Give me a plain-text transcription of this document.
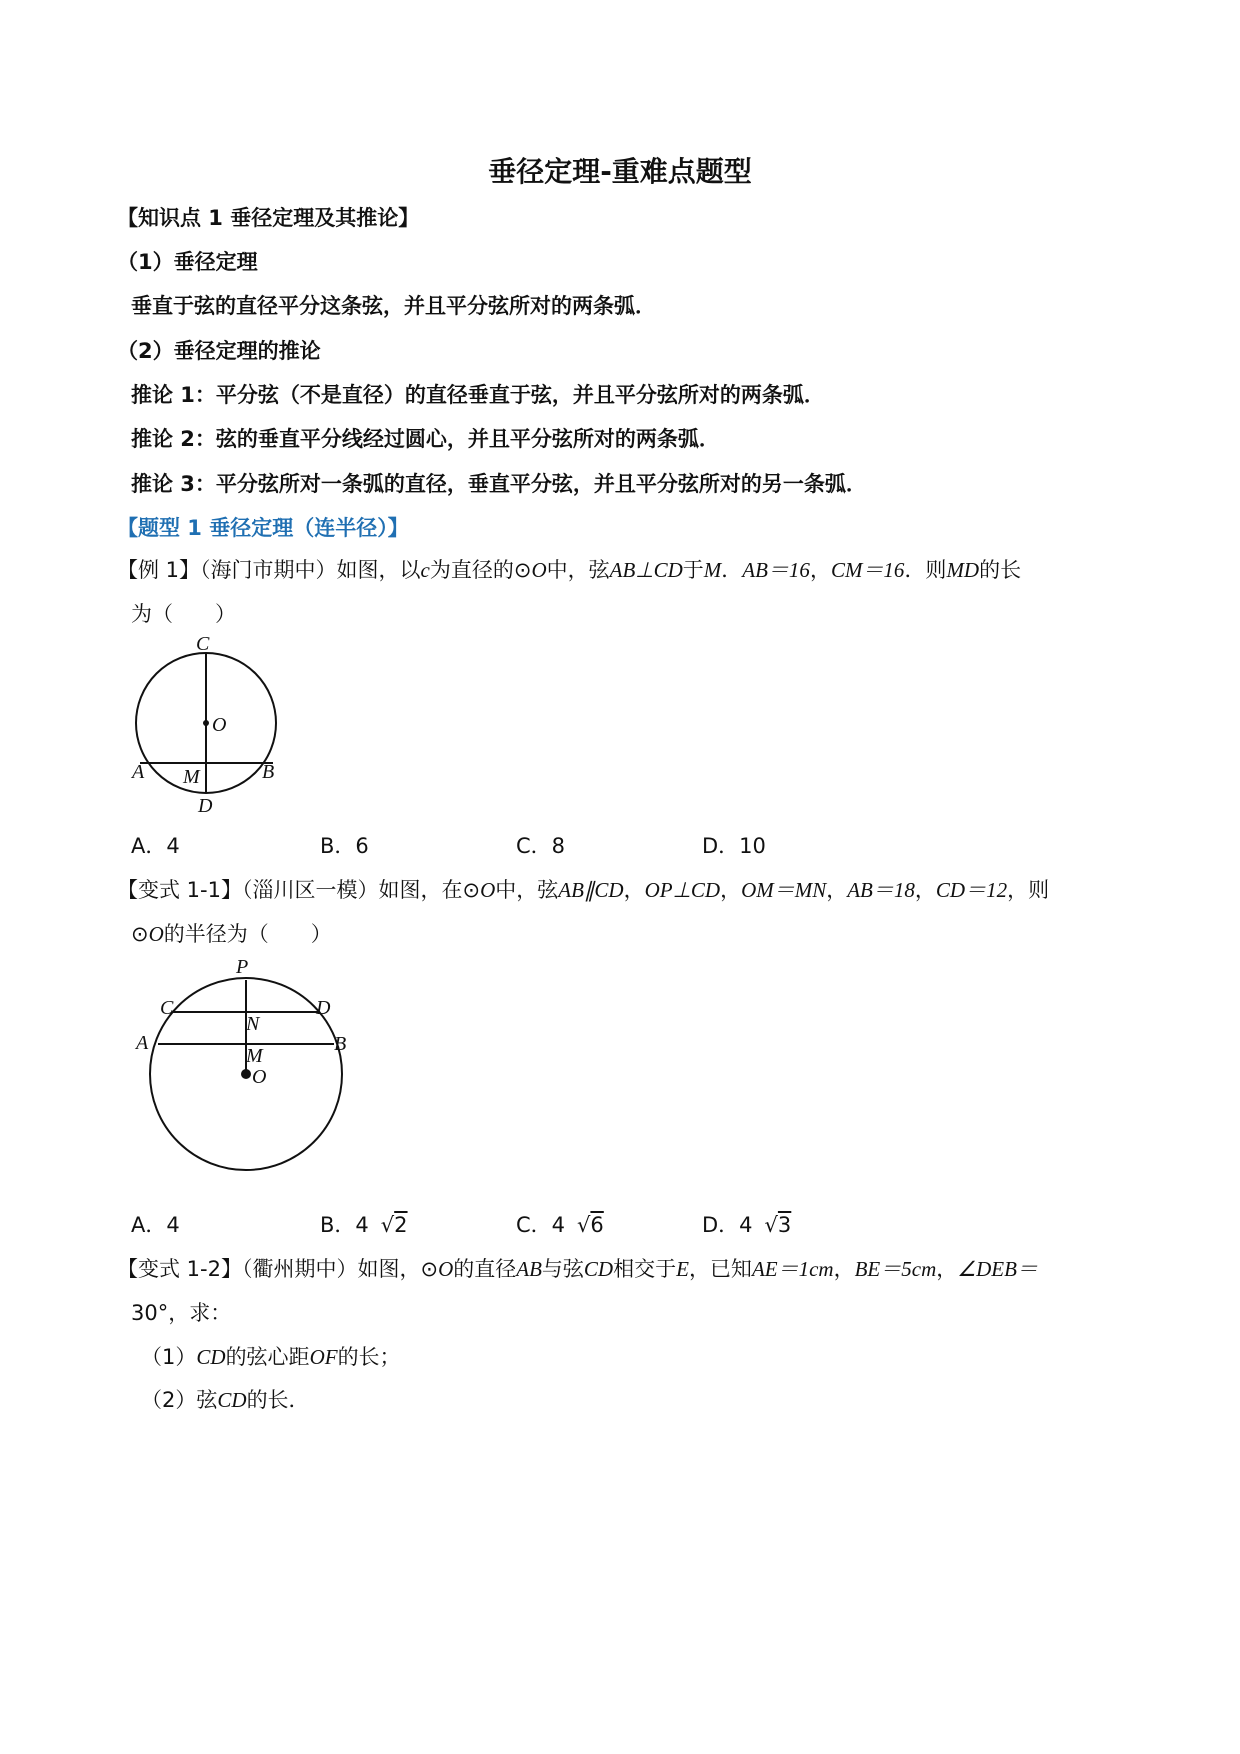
垂径定理-重难点题型
【知识点 1 垂径定理及其推论】
（1）垂径定理
垂直于弦的直径平分这条弦，并且平分弦所对的两条弧．
（2）垂径定理的推论
推论 1：平分弦（不是直径）的直径垂直于弦，并且平分弦所对的两条弧．
推论 2：弦的垂直平分线经过圆心，并且平分弦所对的两条弧．
推论 3：平分弦所对一条弧的直径，垂直平分弦，并且平分弦所对的另一条弧．
【题型 1 垂径定理（连半径）】
【例 1】（海门市期中）如图，以c为直径的⊙O中，弦AB⊥CD于M．AB＝16，CM＝16．则MD的长
为（　　）
C
O
A M	B
D
A．4	B．6	C．8	D．10
【变式 1-1】（淄川区一模）如图，在⊙O中，弦AB∥CD，OP⊥CD，OM＝MN，AB＝18，CD＝12，则
⊙O的半径为（　　）
P
C	D
N
A	B
M
O
A．4	B．4 √2	C．4 √6	D．4 √3
【变式 1-2】（衢州期中）如图，⊙O的直径AB与弦CD相交于E，已知AE＝1cm，BE＝5cm，∠DEB＝
30°，求：
（1）CD的弦心距OF的长；
（2）弦CD的长．
